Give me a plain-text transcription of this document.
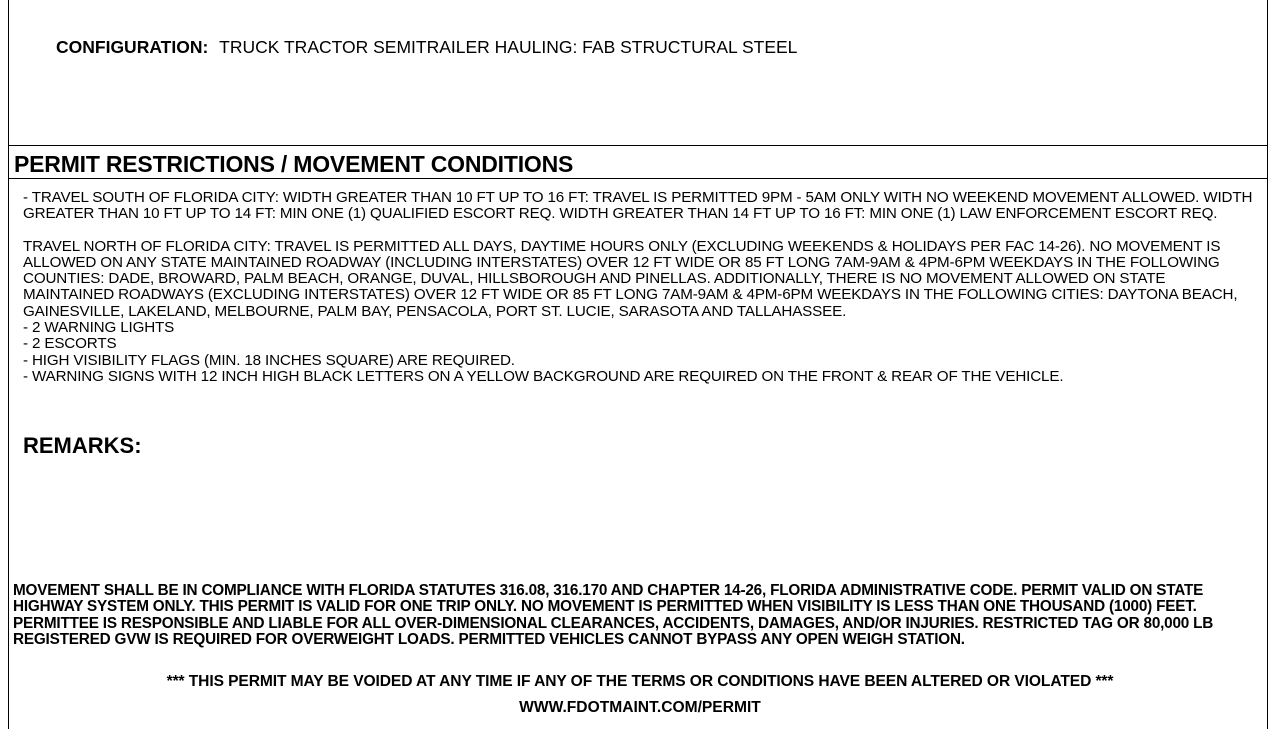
CONFIGURATION: TRUCK TRACTOR SEMITRAILER HAULING: FAB STRUCTURAL STEEL
PERMIT RESTRICTIONS / MOVEMENT CONDITIONS

- TRAVEL SOUTH OF FLORIDA CITY: WIDTH GREATER THAN 10 FT UP TO 16 FT: TRAVEL IS PERMITTED 9PM - 5AM ONLY WITH NO WEEKEND MOVEMENT ALLOWED. WIDTH GREATER THAN 10 FT UP TO 14 FT: MIN ONE (1) QUALIFIED ESCORT REQ. WIDTH GREATER THAN 14 FT UP TO 16 FT: MIN ONE (1) LAW ENFORCEMENT ESCORT REQ.

TRAVEL NORTH OF FLORIDA CITY: TRAVEL IS PERMITTED ALL DAYS, DAYTIME HOURS ONLY (EXCLUDING WEEKENDS & HOLIDAYS PER FAC 14-26). NO MOVEMENT IS ALLOWED ON ANY STATE MAINTAINED ROADWAY (INCLUDING INTERSTATES) OVER 12 FT WIDE OR 85 FT LONG 7AM-9AM & 4PM-6PM WEEKDAYS IN THE FOLLOWING COUNTIES: DADE, BROWARD, PALM BEACH, ORANGE, DUVAL, HILLSBOROUGH AND PINELLAS. ADDITIONALLY, THERE IS NO MOVEMENT ALLOWED ON STATE MAINTAINED ROADWAYS (EXCLUDING INTERSTATES) OVER 12 FT WIDE OR 85 FT LONG 7AM-9AM & 4PM-6PM WEEKDAYS IN THE FOLLOWING CITIES: DAYTONA BEACH, GAINESVILLE, LAKELAND, MELBOURNE, PALM BAY, PENSACOLA, PORT ST. LUCIE, SARASOTA AND TALLAHASSEE.

- 2 WARNING LIGHTS

- 2 ESCORTS

- HIGH VISIBILITY FLAGS (MIN. 18 INCHES SQUARE) ARE REQUIRED.

- WARNING SIGNS WITH 12 INCH HIGH BLACK LETTERS ON A YELLOW BACKGROUND ARE REQUIRED ON THE FRONT & REAR OF THE VEHICLE.

REMARKS:
MOVEMENT SHALL BE IN COMPLIANCE WITH FLORIDA STATUTES 316.08, 316.170 AND CHAPTER 14-26, FLORIDA ADMINISTRATIVE CODE. PERMIT VALID ON STATE HIGHWAY SYSTEM ONLY. THIS PERMIT IS VALID FOR ONE TRIP ONLY. NO MOVEMENT IS PERMITTED WHEN VISIBILITY IS LESS THAN ONE THOUSAND (1000) FEET. PERMITTEE IS RESPONSIBLE AND LIABLE FOR ALL OVER-DIMENSIONAL CLEARANCES, ACCIDENTS, DAMAGES, AND/OR INJURIES. RESTRICTED TAG OR 80,000 LB REGISTERED GVW IS REQUIRED FOR OVERWEIGHT LOADS. PERMITTED VEHICLES CANNOT BYPASS ANY OPEN WEIGH STATION.
*** THIS PERMIT MAY BE VOIDED AT ANY TIME IF ANY OF THE TERMS OR CONDITIONS HAVE BEEN ALTERED OR VIOLATED ***
WWW.FDOTMAINT.COM/PERMIT
